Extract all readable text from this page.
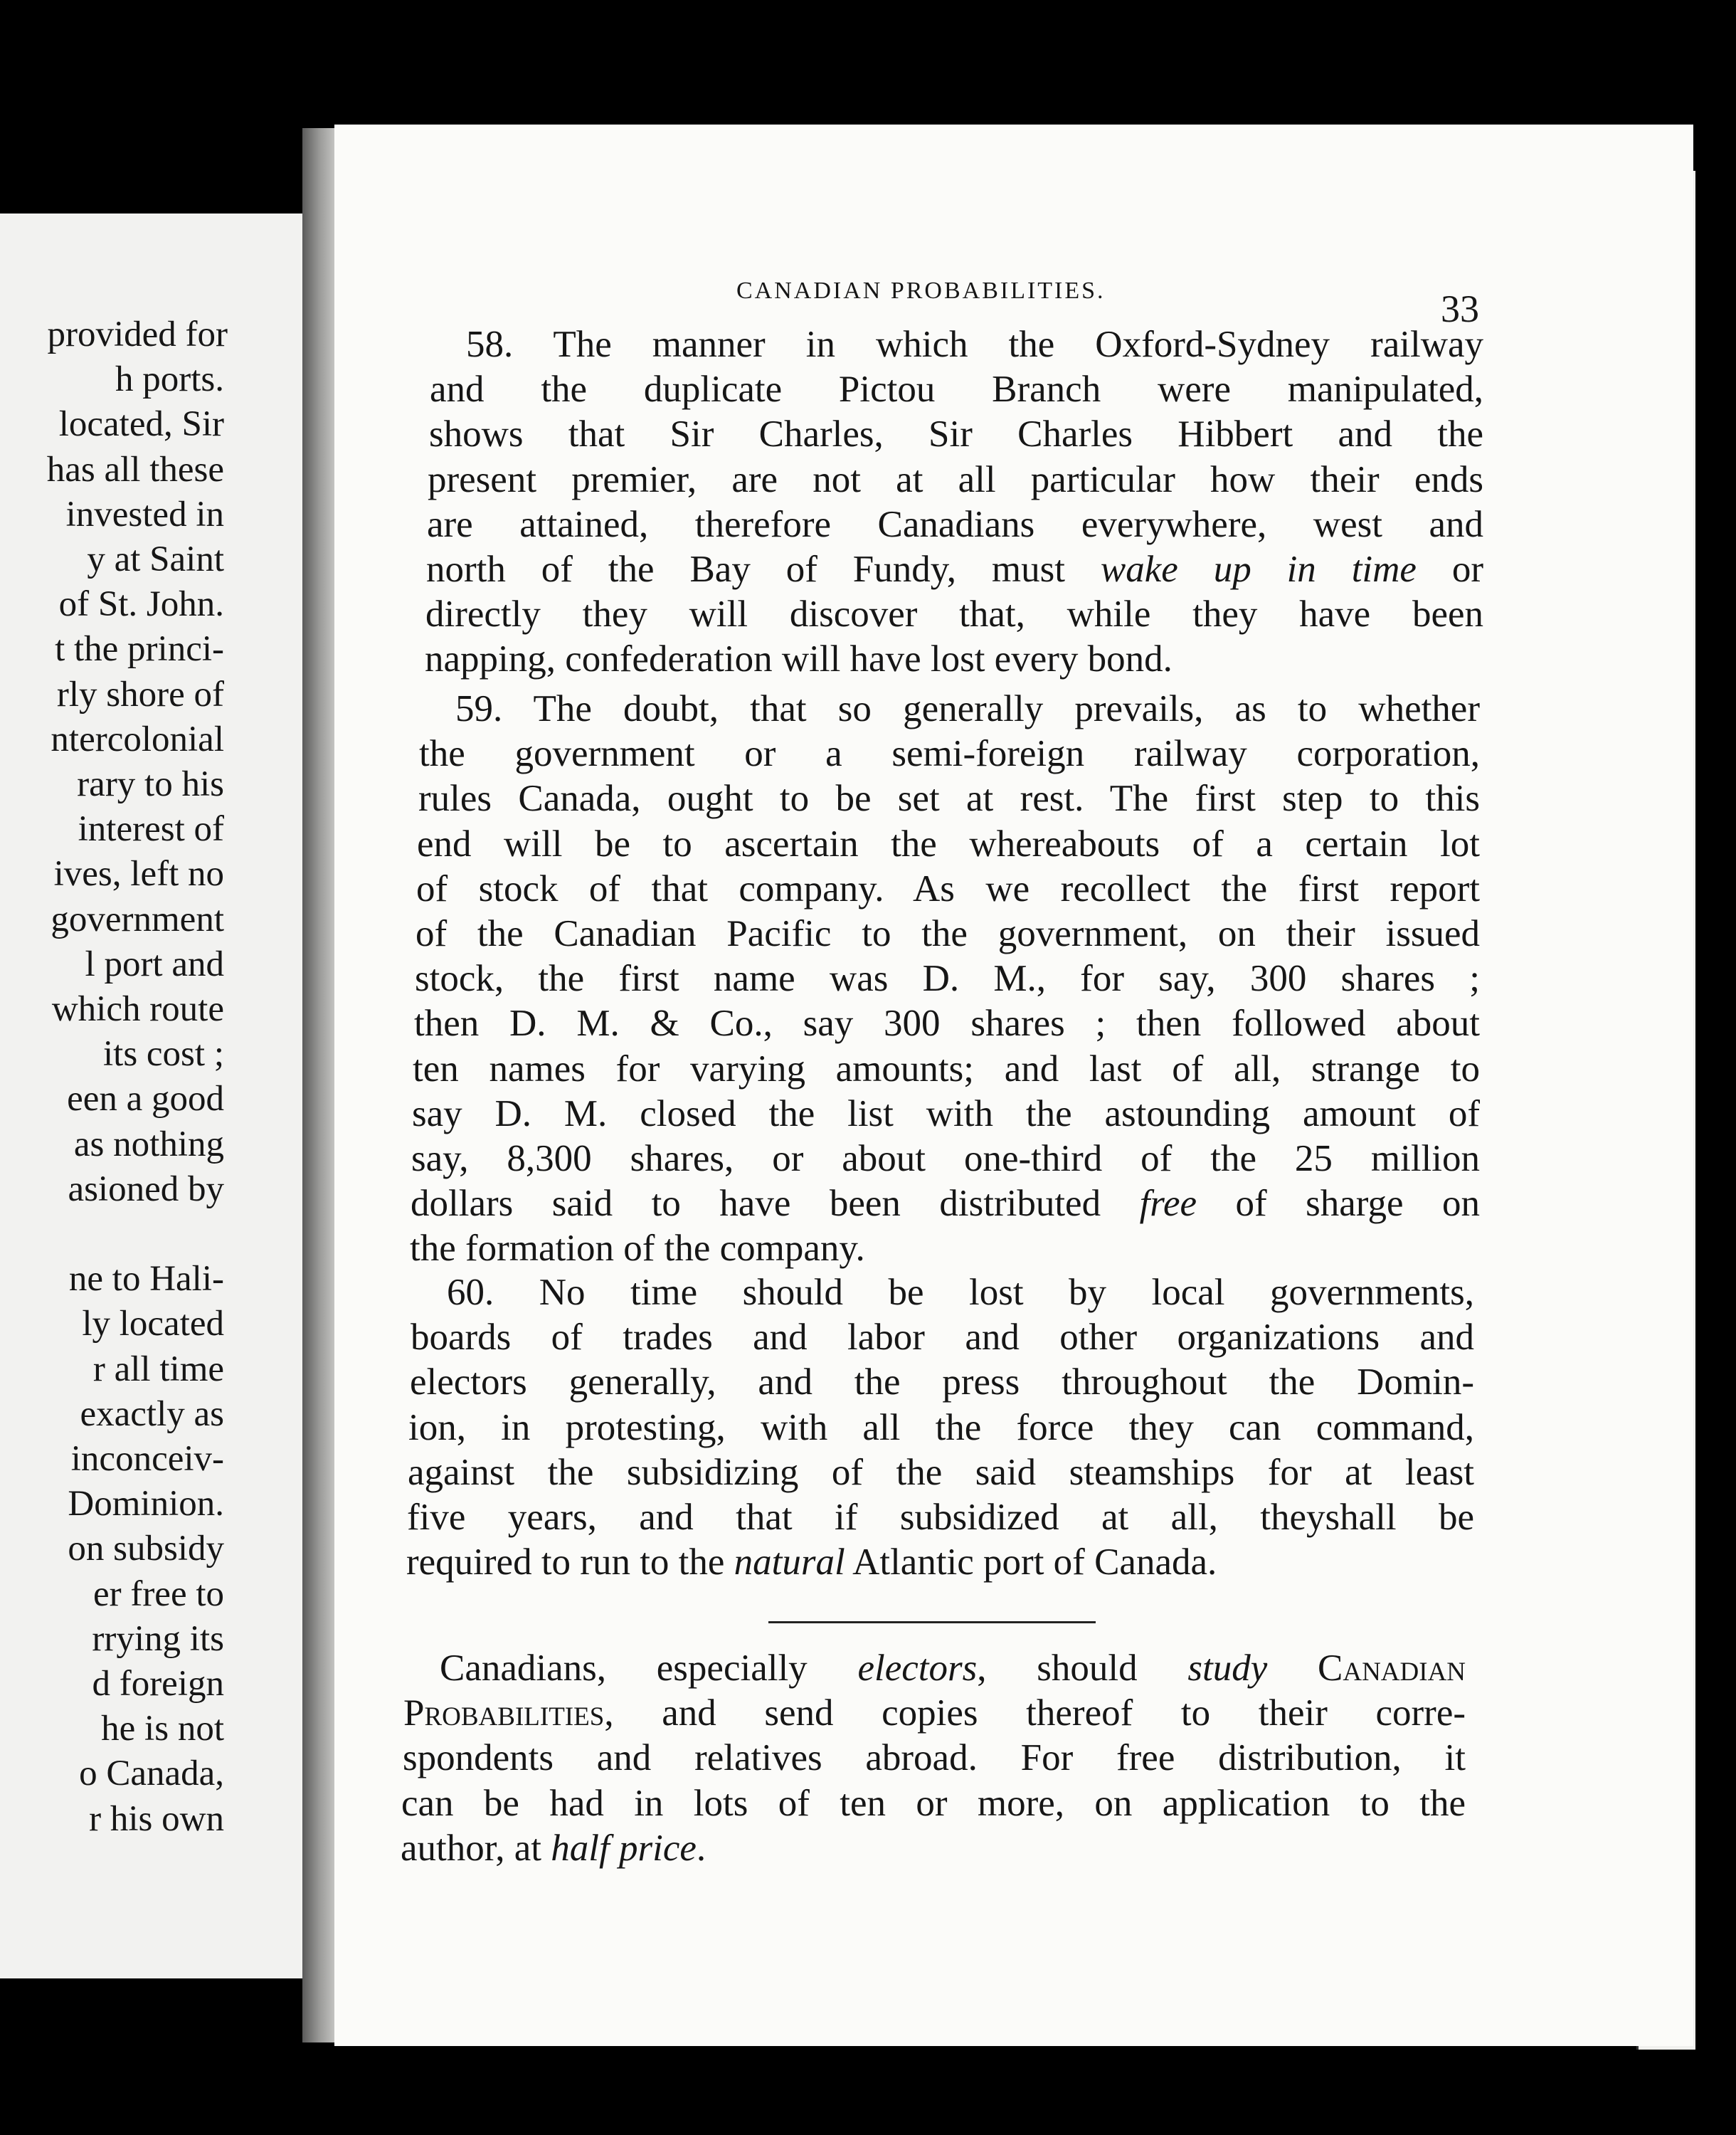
provided for
h ports.
located, Sir
has all these
invested in
y at Saint
of St. John.
t the princi-
rly shore of
ntercolonial
rary to his
interest of
ives, left no
government
l port and
which route
its cost ;
een a good
as nothing
asioned by
ne to Hali-
ly located
r all time
exactly as
inconceiv-
Dominion.
on subsidy
er free to
rrying its
d foreign
he is not
o Canada,
r his own
CANADIAN PROBABILITIES.	33
58. The manner in which the Oxford-Sydney railway
and the duplicate Pictou Branch were manipulated,
shows that Sir Charles, Sir Charles Hibbert and the
present premier, are not at all particular how their ends
are attained, therefore Canadians everywhere, west and
north of the Bay of Fundy, must wake up in time or
directly they will discover that, while they have been
napping, confederation will have lost every bond.
59. The doubt, that so generally prevails, as to whether
the government or a semi-foreign railway corporation,
rules Canada, ought to be set at rest. The first step to this
end will be to ascertain the whereabouts of a certain lot
of stock of that company. As we recollect the first report
of the Canadian Pacific to the government, on their issued
stock, the first name was D. M., for say, 300 shares ;
then D. M. & Co., say 300 shares ; then followed about
ten names for varying amounts; and last of all, strange to
say D. M. closed the list with the astounding amount of
say, 8,300 shares, or about one-third of the 25 million
dollars said to have been distributed free of sharge on
the formation of the company.
60. No time should be lost by local governments,
boards of trades and labor and other organizations and
electors generally, and the press throughout the Domin-
ion, in protesting, with all the force they can command,
against the subsidizing of the said steamships for at least
five years, and that if subsidized at all, theyshall be
required to run to the natural Atlantic port of Canada.
Canadians, especially electors, should study Canadian
Probabilities, and send copies thereof to their corre-
spondents and relatives abroad. For free distribution, it
can be had in lots of ten or more, on application to the
author, at half price.
